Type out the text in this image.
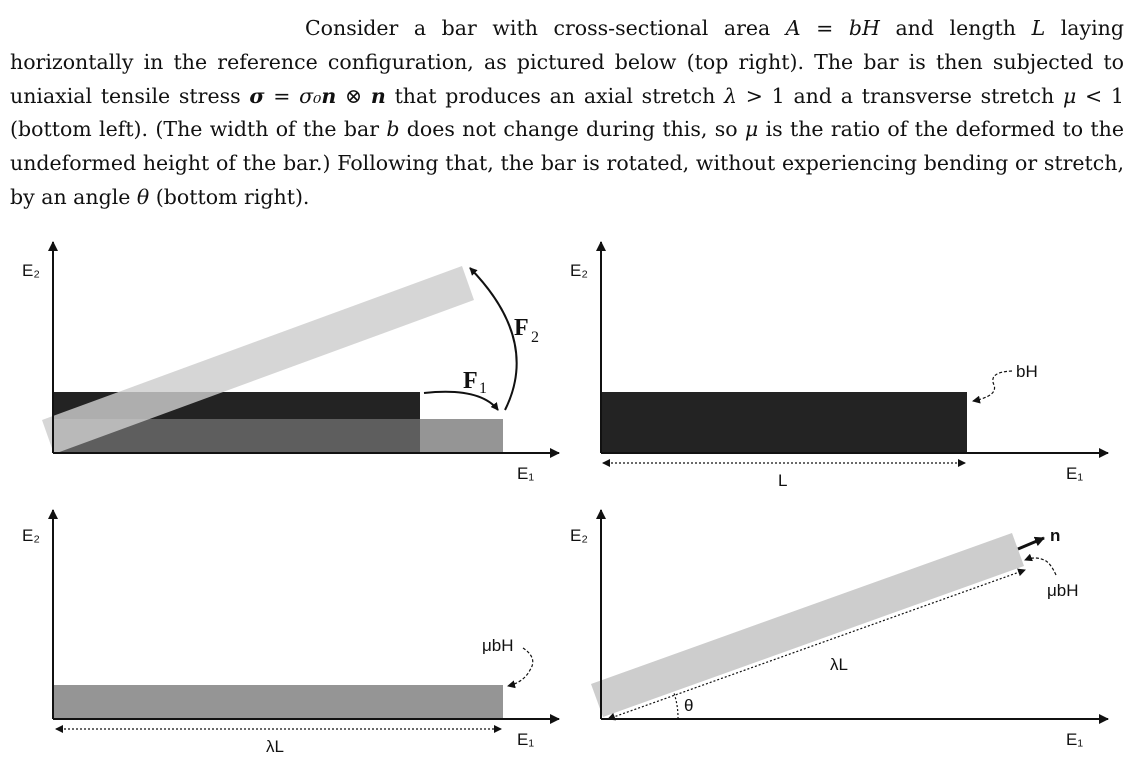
Consider a bar with cross-sectional area A = bH and length L laying horizontally in the reference configuration, as pictured below (top right). The bar is then subjected to uniaxial tensile stress σ = σ₀n ⊗ n that produces an axial stretch λ > 1 and a transverse stretch μ < 1 (bottom left). (The width of the bar b does not change during this, so μ is the ratio of the deformed to the undeformed height of the bar.) Following that, the bar is rotated, without experiencing bending or stretch, by an angle θ (bottom right).
E₂
E₁
F 1
F 2
E₂
E₁
L
bH
E₂
E₁
λL
μbH
E₂
E₁
λL
θ
n
μbH
